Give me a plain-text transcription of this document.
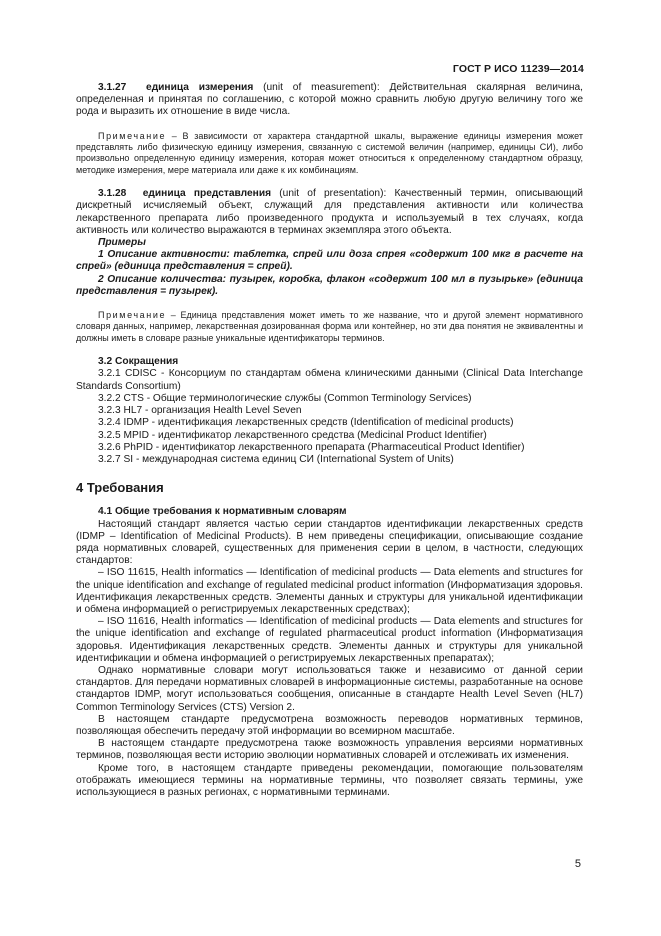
ГОСТ Р ИСО 11239—2014

3.1.27 единица измерения (unit of measurement): Действительная скалярная величина, определенная и принятая по соглашению, с которой можно сравнить любую другую величину того же рода и выразить их отношение в виде числа.

Примечание – В зависимости от характера стандартной шкалы, выражение единицы измерения может представлять либо физическую единицу измерения, связанную с системой величин (например, единицы СИ), либо произвольно определенную единицу измерения, которая может относиться к определенному стандартном образцу, методике измерения, мере материала или даже к их комбинациям.

3.1.28 единица представления (unit of presentation): Качественный термин, описывающий дискретный исчисляемый объект, служащий для представления активности или количества лекарственного препарата либо произведенного продукта и используемый в тех случаях, когда активность или количество выражаются в терминах экземпляра этого объекта.

Примеры

1 Описание активности: таблетка, спрей или доза спрея «содержит 100 мкг в расчете на спрей» (единица представления = спрей).

2 Описание количества: пузырек, коробка, флакон «содержит 100 мл в пузырьке» (единица представления = пузырек).

Примечание – Единица представления может иметь то же название, что и другой элемент нормативного словаря данных, например, лекарственная дозированная форма или контейнер, но эти два понятия не эквивалентны и должны иметь в словаре разные уникальные идентификаторы терминов.

3.2 Сокращения

3.2.1 CDISC - Консорциум по стандартам обмена клиническими данными (Clinical Data Interchange Standards Consortium)

3.2.2 CTS - Общие терминологические службы (Common Terminology Services)

3.2.3 HL7 - организация Health Level Seven

3.2.4 IDMP - идентификация лекарственных средств (Identification of medicinal products)

3.2.5 MPID - идентификатор лекарственного средства (Medicinal Product Identifier)

3.2.6 PhPID - идентификатор лекарственного препарата (Pharmaceutical Product Identifier)

3.2.7 SI - международная система единиц СИ (International System of Units)

4 Требования

4.1 Общие требования к нормативным словарям

Настоящий стандарт является частью серии стандартов идентификации лекарственных средств (IDMP – Identification of Medicinal Products). В нем приведены спецификации, описывающие создание ряда нормативных словарей, существенных для применения серии в целом, в частности, следующих стандартов:

– ISO 11615, Health informatics — Identification of medicinal products — Data elements and structures for the unique identification and exchange of regulated medicinal product information (Информатизация здоровья. Идентификация лекарственных средств. Элементы данных и структуры для уникальной идентификации и обмена информацией о регистрируемых лекарственных средствах);

– ISO 11616, Health informatics — Identification of medicinal products — Data elements and structures for the unique identification and exchange of regulated pharmaceutical product information (Информатизация здоровья. Идентификация лекарственных средств. Элементы данных и структуры для уникальной идентификации и обмена информацией о регистрируемых лекарственных препаратах);

Однако нормативные словари могут использоваться также и независимо от данной серии стандартов. Для передачи нормативных словарей в информационные системы, разработанные на основе стандартов IDMP, могут использоваться сообщения, описанные в стандарте Health Level Seven (HL7) Common Terminology Services (CTS) Version 2.

В настоящем стандарте предусмотрена возможность переводов нормативных терминов, позволяющая обеспечить передачу этой информации во всемирном масштабе.

В настоящем стандарте предусмотрена также возможность управления версиями нормативных терминов, позволяющая вести историю эволюции нормативных словарей и отслеживать их изменения.

Кроме того, в настоящем стандарте приведены рекомендации, помогающие пользователям отображать имеющиеся термины на нормативные термины, что позволяет связать термины, уже использующиеся в разных регионах, с нормативными терминами.

5
